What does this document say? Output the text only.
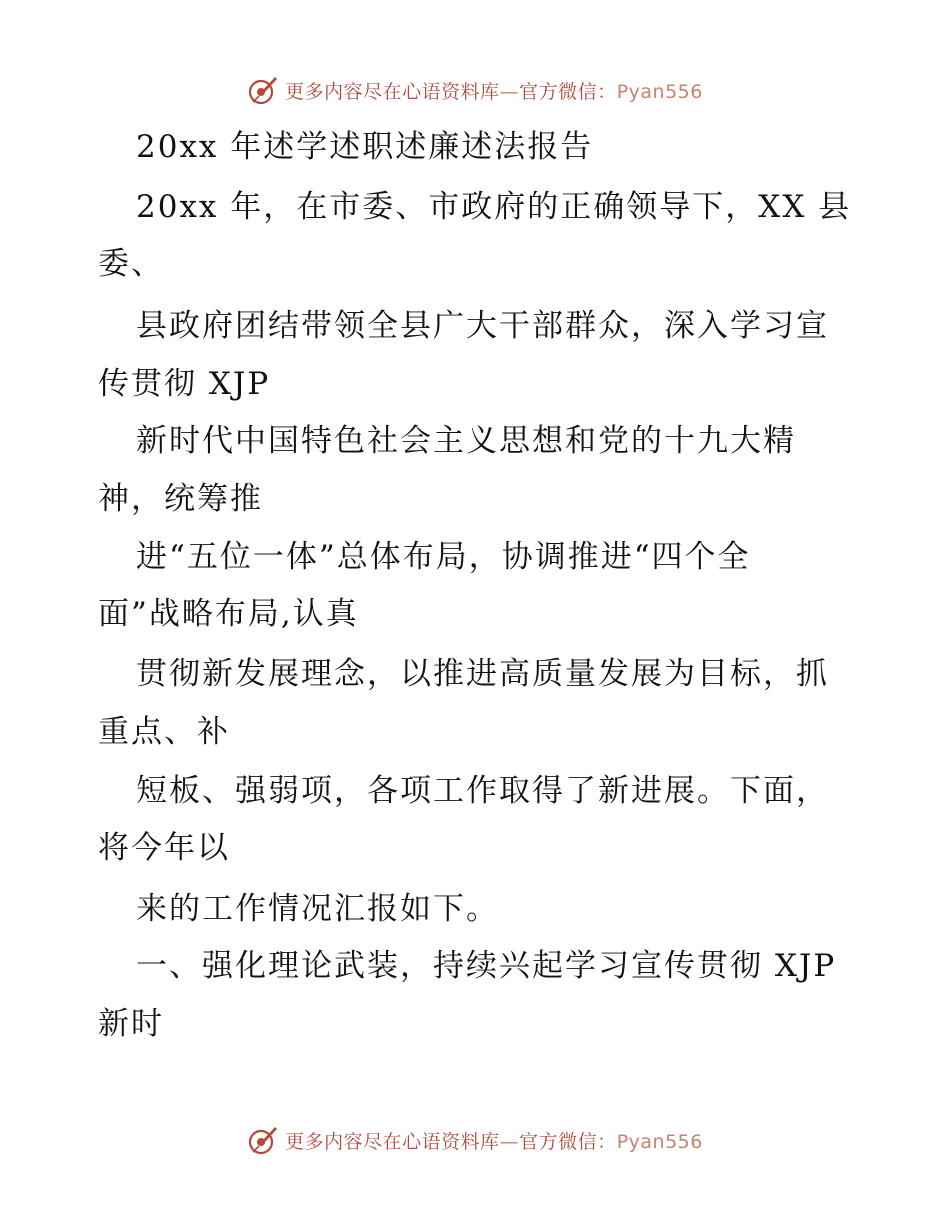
更多内容尽在心语资料库—官方微信：Pyan556
20xx 年述学述职述廉述法报告
20xx 年，在市委、市政府的正确领导下，XX 县
委、
县政府团结带领全县广大干部群众，深入学习宣
传贯彻 XJP
新时代中国特色社会主义思想和党的十九大精
神，统筹推
进“五位一体”总体布局，协调推进“四个全
面”战略布局,认真
贯彻新发展理念，以推进高质量发展为目标，抓
重点、补
短板、强弱项，各项工作取得了新进展。下面，
将今年以
来的工作情况汇报如下。
一、强化理论武装，持续兴起学习宣传贯彻 XJP
新时
更多内容尽在心语资料库—官方微信：Pyan556
